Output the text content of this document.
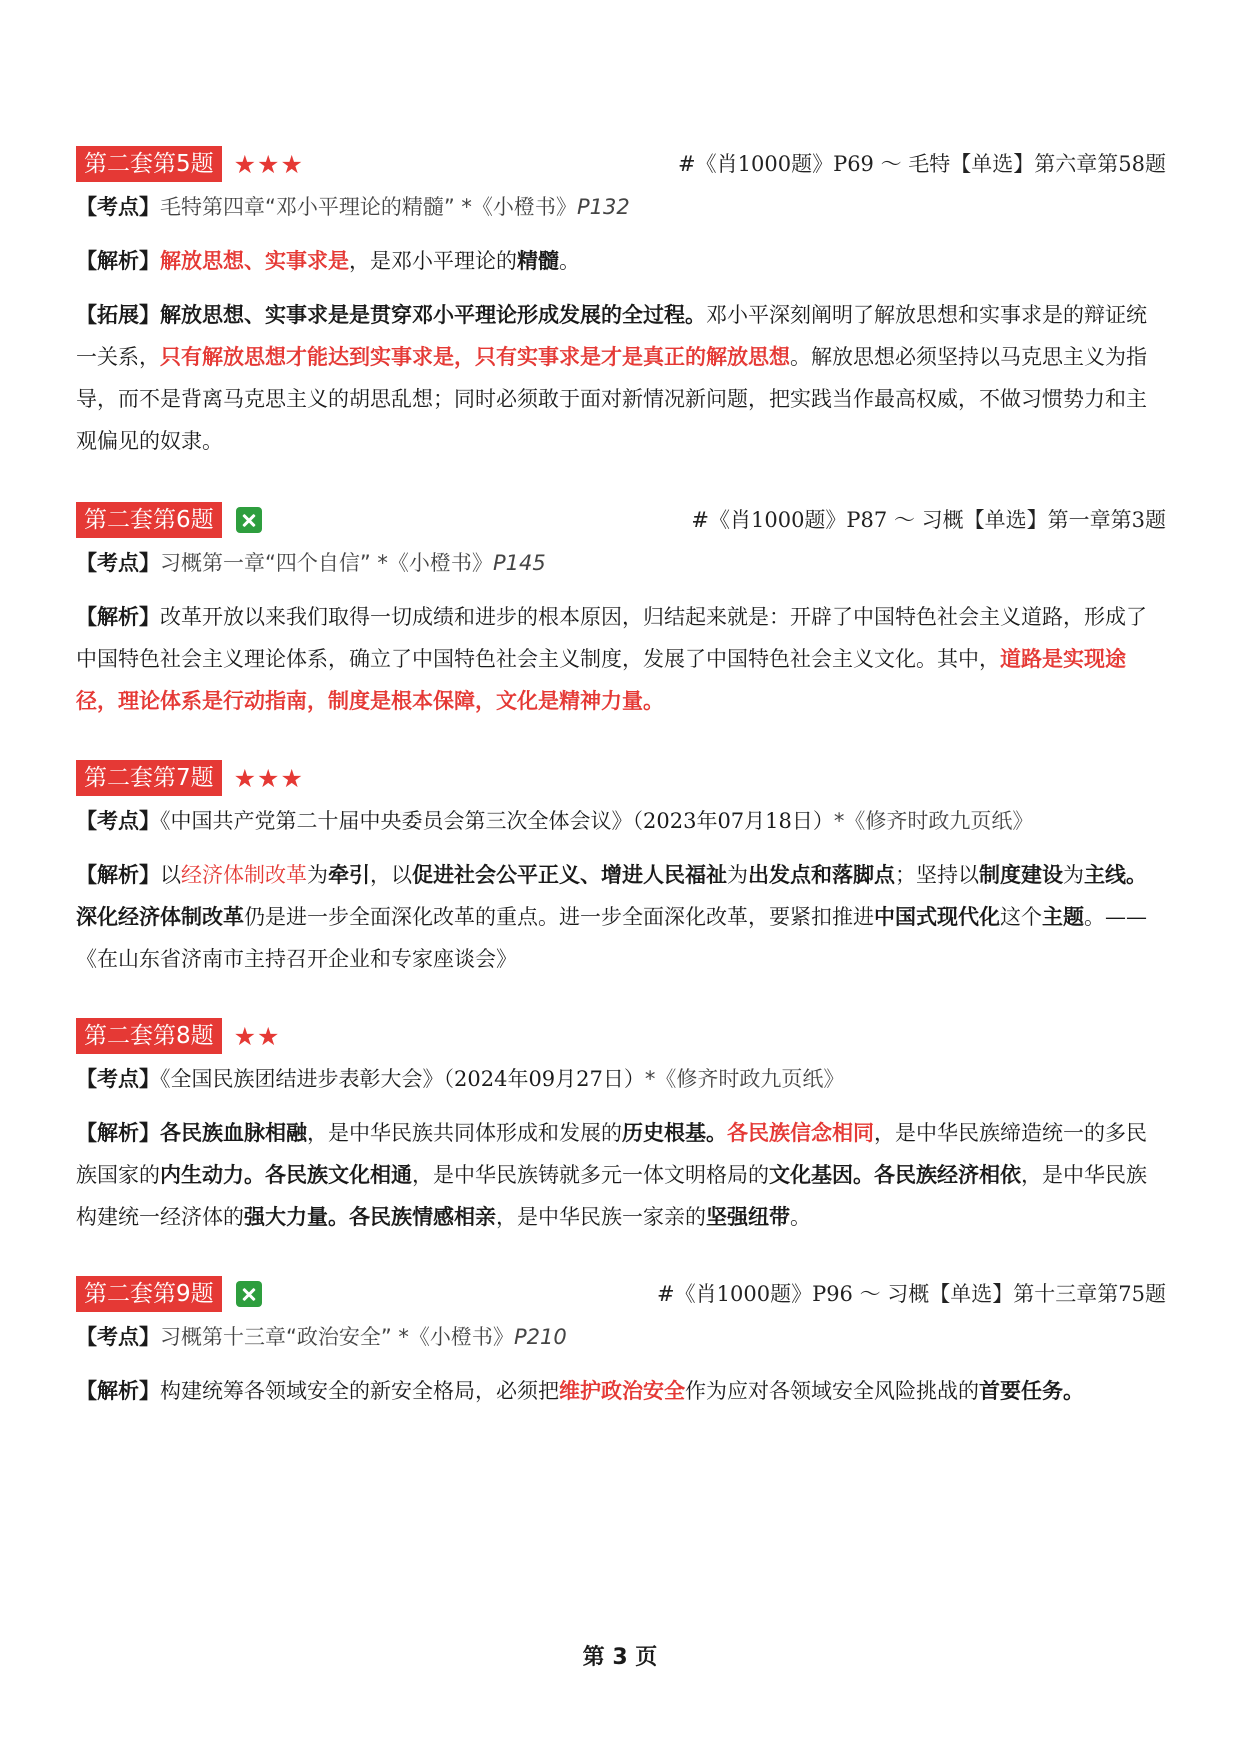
第二套第5题 ★★★	#《肖1000题》P69 ～ 毛特【单选】第六章第58题

【考点】毛特第四章“邓小平理论的精髓” *《小橙书》P132

【解析】解放思想、实事求是，是邓小平理论的精髓。

【拓展】解放思想、实事求是是贯穿邓小平理论形成发展的全过程。邓小平深刻阐明了解放思想和实事求是的辩证统一关系，只有解放思想才能达到实事求是，只有实事求是才是真正的解放思想。解放思想必须坚持以马克思主义为指导，而不是背离马克思主义的胡思乱想；同时必须敢于面对新情况新问题，把实践当作最高权威，不做习惯势力和主观偏见的奴隶。

第二套第6题	#《肖1000题》P87 ～ 习概【单选】第一章第3题

【考点】习概第一章“四个自信” *《小橙书》P145

【解析】改革开放以来我们取得一切成绩和进步的根本原因，归结起来就是：开辟了中国特色社会主义道路，形成了中国特色社会主义理论体系，确立了中国特色社会主义制度，发展了中国特色社会主义文化。其中，道路是实现途径，理论体系是行动指南，制度是根本保障，文化是精神力量。

第二套第7题 ★★★

【考点】《中国共产党第二十届中央委员会第三次全体会议》（2023年07月18日）*《修齐时政九页纸》

【解析】以经济体制改革为牵引，以促进社会公平正义、增进人民福祉为出发点和落脚点；坚持以制度建设为主线。深化经济体制改革仍是进一步全面深化改革的重点。进一步全面深化改革，要紧扣推进中国式现代化这个主题。——《在山东省济南市主持召开企业和专家座谈会》

第二套第8题 ★★

【考点】《全国民族团结进步表彰大会》（2024年09月27日）*《修齐时政九页纸》

【解析】各民族血脉相融，是中华民族共同体形成和发展的历史根基。各民族信念相同，是中华民族缔造统一的多民族国家的内生动力。各民族文化相通，是中华民族铸就多元一体文明格局的文化基因。各民族经济相依，是中华民族构建统一经济体的强大力量。各民族情感相亲，是中华民族一家亲的坚强纽带。

第二套第9题	#《肖1000题》P96 ～ 习概【单选】第十三章第75题

【考点】习概第十三章“政治安全” *《小橙书》P210

【解析】构建统筹各领域安全的新安全格局，必须把维护政治安全作为应对各领域安全风险挑战的首要任务。

第 3 页
